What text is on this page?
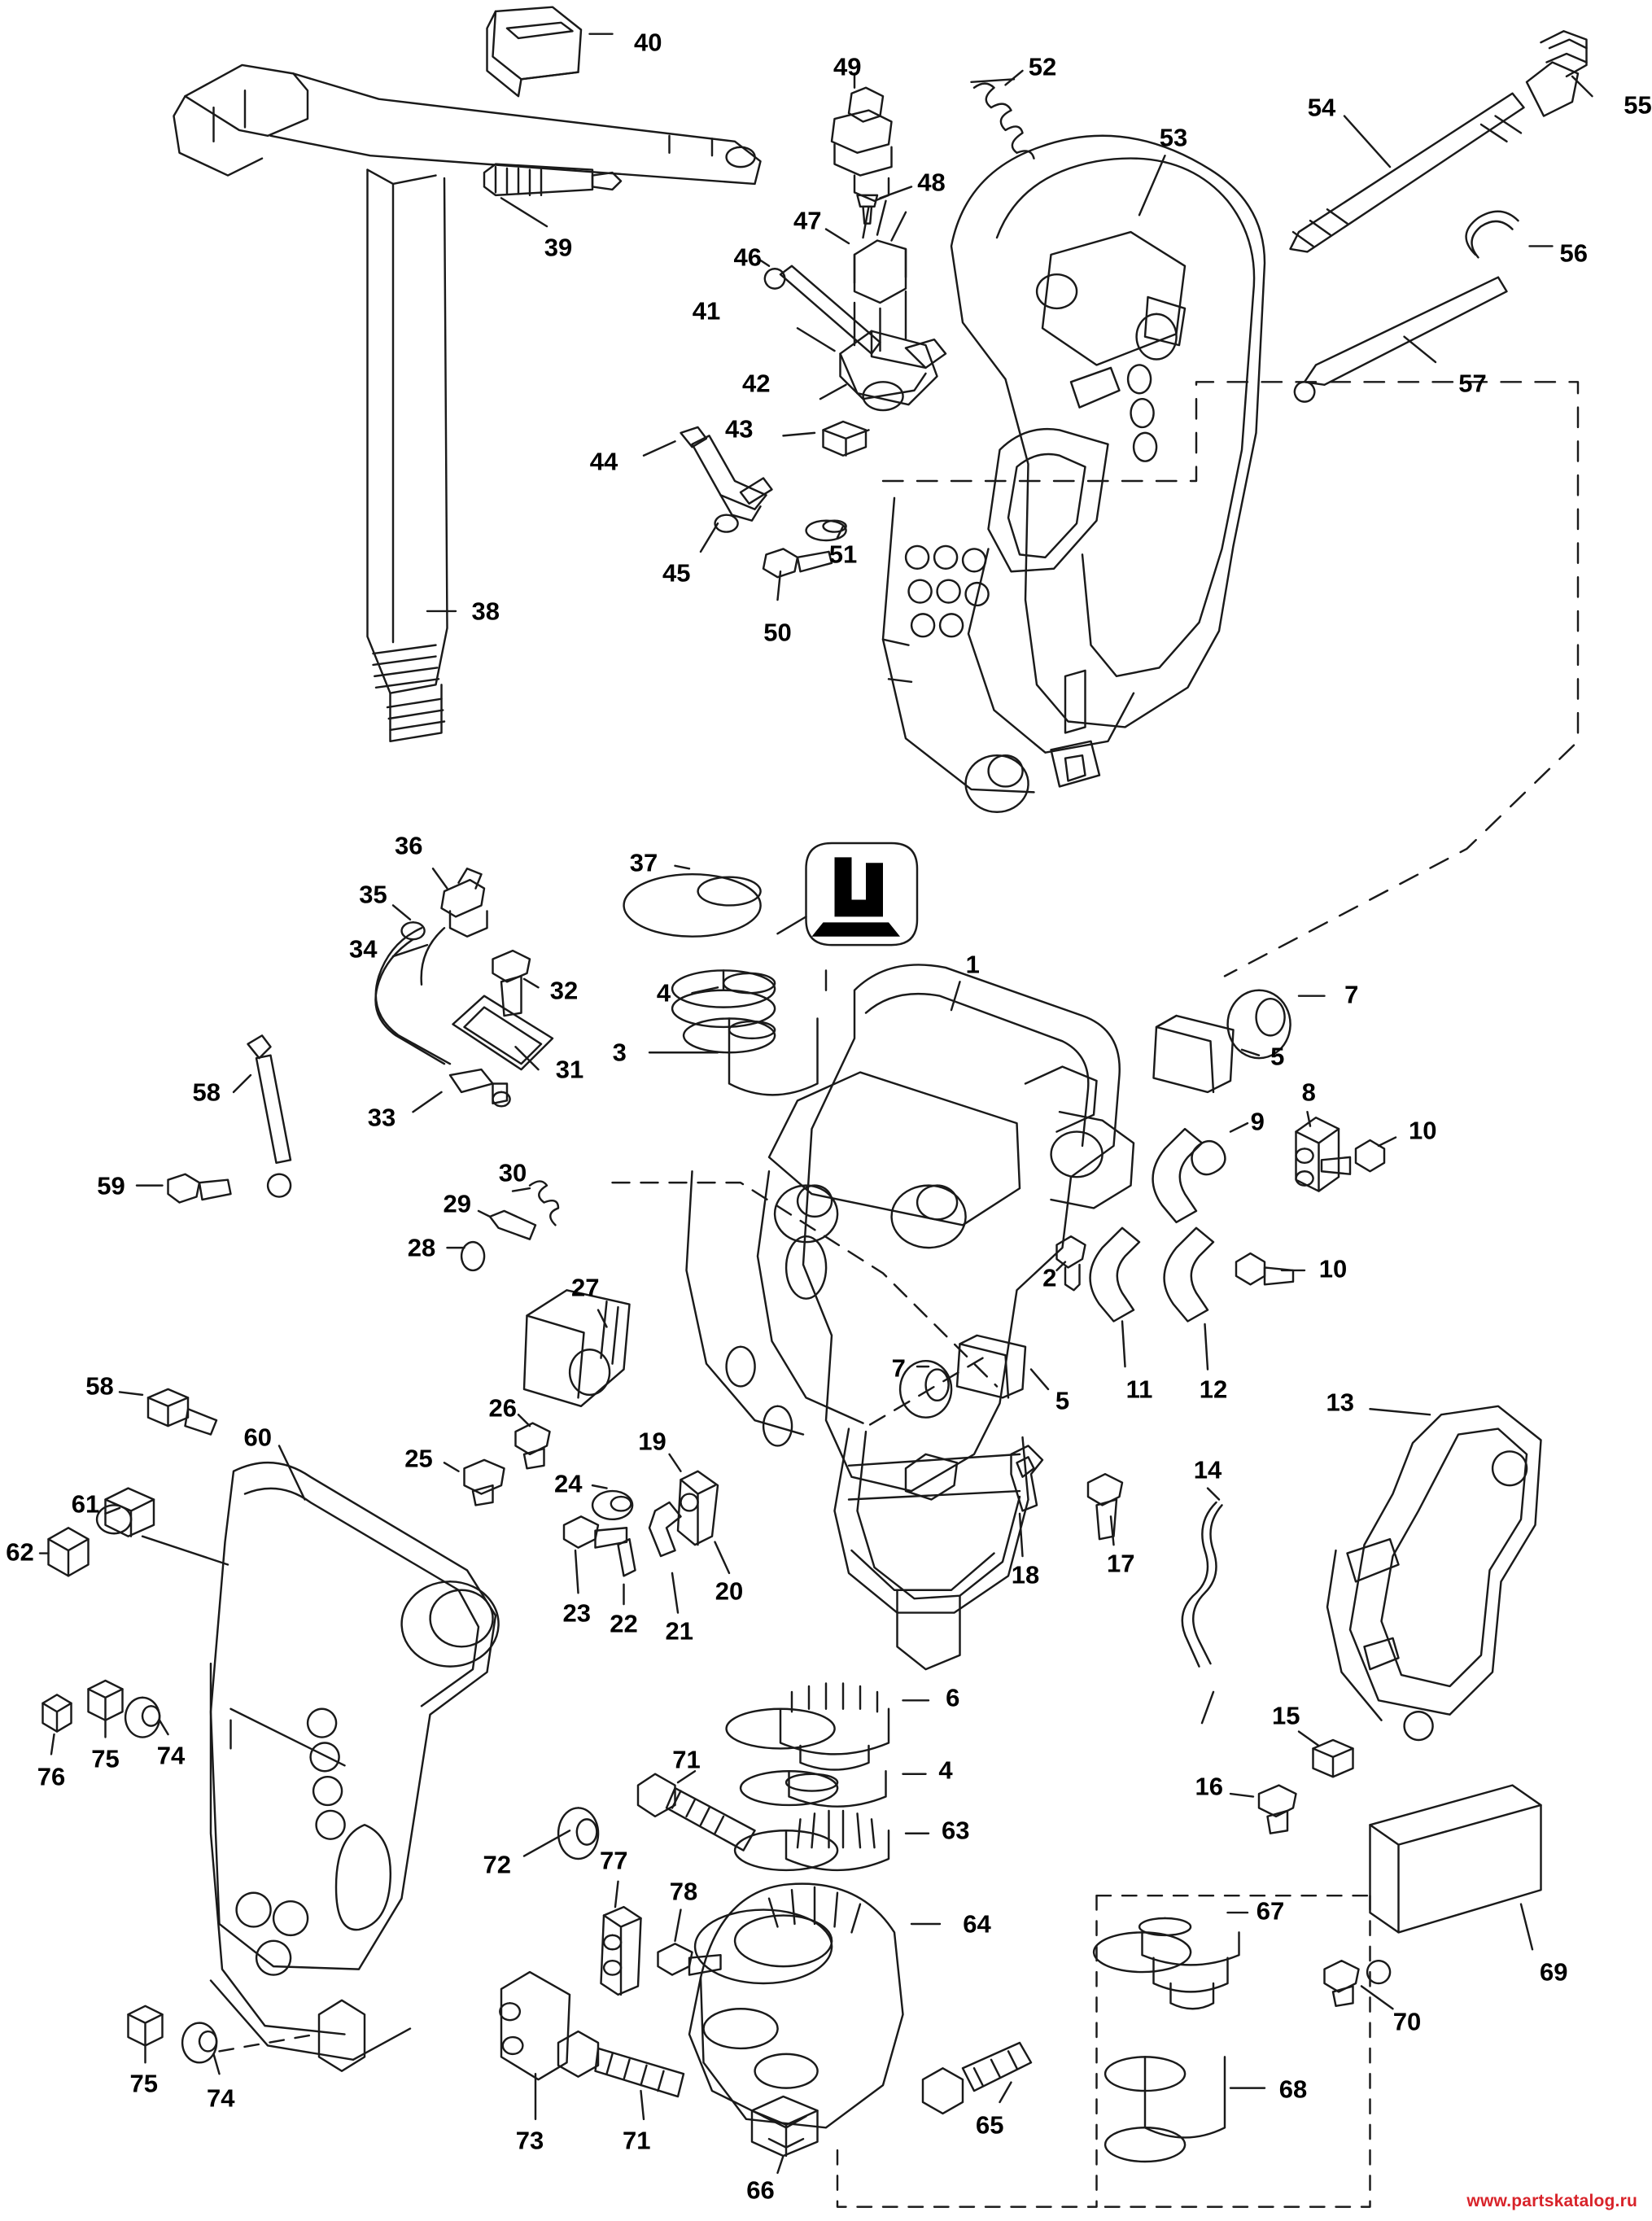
www.partskatalog.ru
40
49	52
53
54	55
48
39
47
56
46
41
57
42
43
44
45
38
51
50
36
37
35
34
32
1
7
4
31
3	5
33
58	8
10
9
59	30
29
28
2	10
27
11 12	13
7
5
26
58
60
25
19
24	14
17
18
61
62
23 22 21
20
6
15
76
75 74	4
16
71
63
72	77
78
67
64
69
70
68
75 74
73	71
65
66
